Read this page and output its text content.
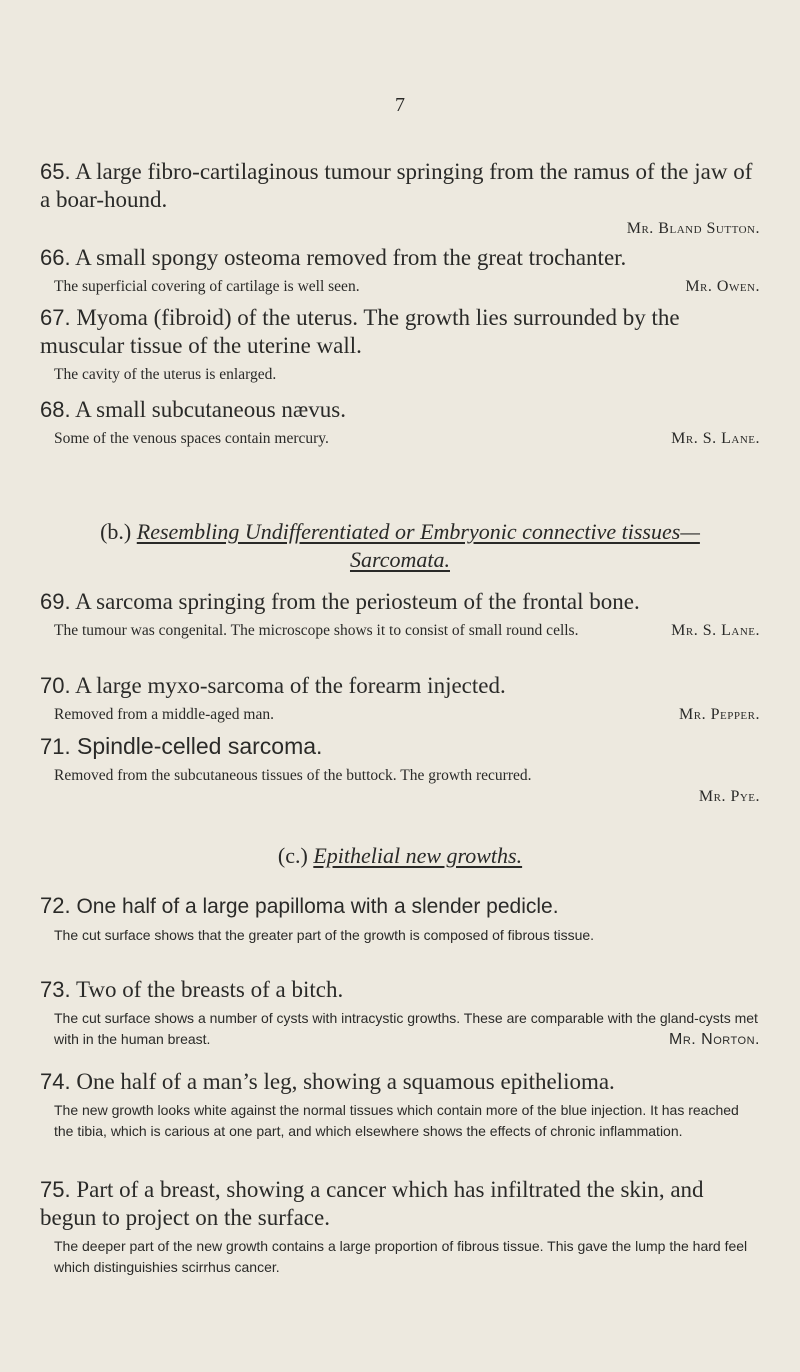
7
65. A large fibro-cartilaginous tumour springing from the ramus of the jaw of a boar-hound.
Mr. Bland Sutton.
66. A small spongy osteoma removed from the great trochanter.
Mr. Owen.
The superficial covering of cartilage is well seen.
67. Myoma (fibroid) of the uterus. The growth lies surrounded by the muscular tissue of the uterine wall.
The cavity of the uterus is enlarged.
68. A small subcutaneous nævus.
Mr. S. Lane.
Some of the venous spaces contain mercury.
(b.) Resembling Undifferentiated or Embryonic connective tissues—
Sarcomata.
69. A sarcoma springing from the periosteum of the frontal bone.
The tumour was congenital. The microscope shows it to consist of small round cells.	Mr. S. Lane.
70. A large myxo-sarcoma of the forearm injected.
Mr. Pepper.
Removed from a middle-aged man.
71. Spindle-celled sarcoma.
Removed from the subcutaneous tissues of the buttock. The growth recurred.

Mr. Pye.
(c.) Epithelial new growths.
72. One half of a large papilloma with a slender pedicle.
The cut surface shows that the greater part of the growth is composed of fibrous tissue.
73. Two of the breasts of a bitch.
The cut surface shows a number of cysts with intracystic growths. These are comparable with the gland-cysts met with in the human breast.	Mr. Norton.
74. One half of a man’s leg, showing a squamous epithelioma.
The new growth looks white against the normal tissues which contain more of the blue injection. It has reached the tibia, which is carious at one part, and which elsewhere shows the effects of chronic inflammation.
75. Part of a breast, showing a cancer which has infiltrated the skin, and begun to project on the surface.
The deeper part of the new growth contains a large proportion of fibrous tissue. This gave the lump the hard feel which distinguishies scirrhus cancer.
